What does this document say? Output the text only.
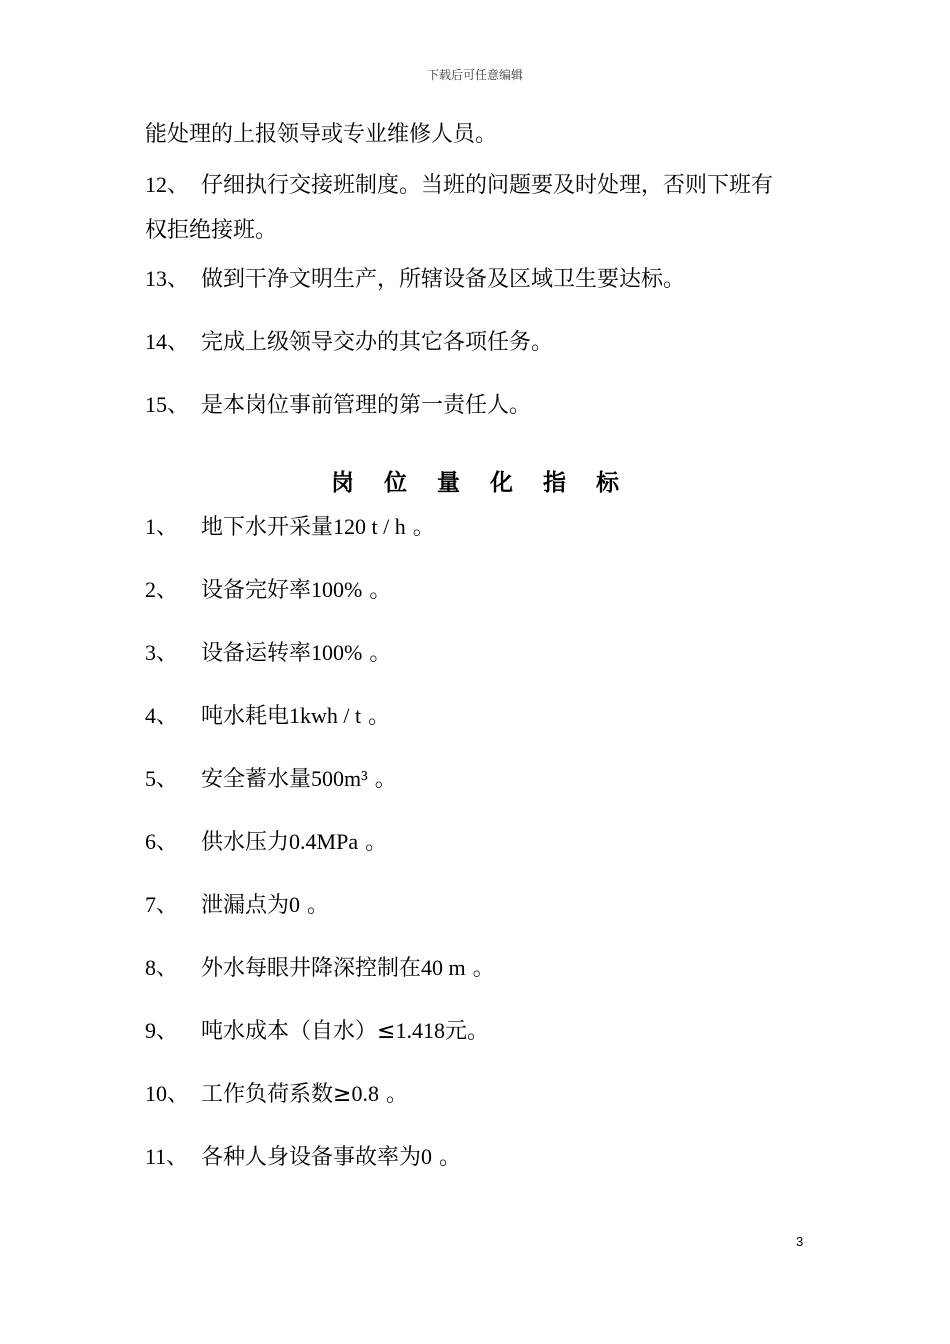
下载后可任意编辑
能处理的上报领导或专业维修人员。
12、 仔细执行交接班制度。当班的问题要及时处理，否则下班有
权拒绝接班。
13、 做到干净文明生产，所辖设备及区域卫生要达标。
14、 完成上级领导交办的其它各项任务。
15、 是本岗位事前管理的第一责任人。
岗 位 量 化 指 标
1、 地下水开采量120 t / h 。
2、 设备完好率100% 。
3、 设备运转率100% 。
4、 吨水耗电1kwh / t 。
5、 安全蓄水量500m³ 。
6、 供水压力0.4MPa 。
7、 泄漏点为0 。
8、 外水每眼井降深控制在40 m 。
9、 吨水成本（自水）≤1.418元。
10、 工作负荷系数≥0.8 。
11、 各种人身设备事故率为0 。
3
